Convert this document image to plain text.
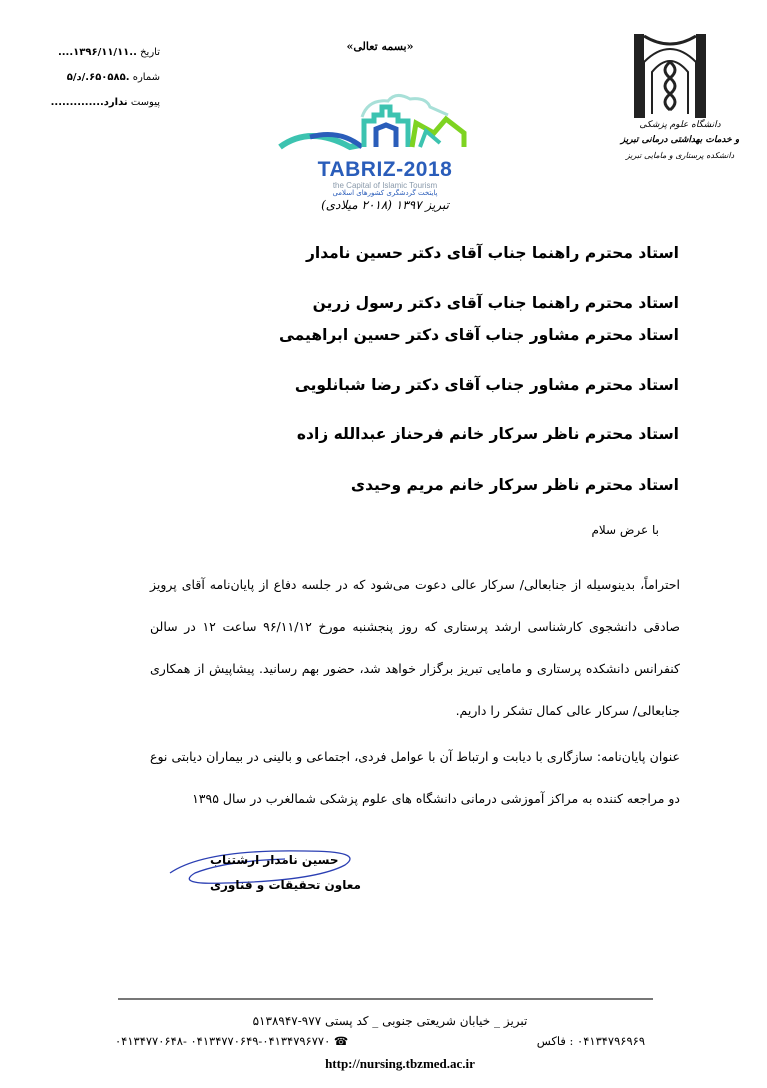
تاریخ ..۱۳۹۶/۱۱/۱۱....
شماره .۶۵۰۵۸۵./د/۵
پیوست ندارد..............
«بسمه تعالی»
TABRIZ-2018
the Capital of Islamic Tourism
پایتخت گردشگری کشورهای اسلامی
تبریز ۱۳۹۷ (۲۰۱۸ میلادی)
دانشگاه علوم پزشکی
و خدمات بهداشتی درمانی تبریز
دانشکده پرستاری و مامایی تبریز
استاد محترم راهنما جناب آقای دکتر حسین نامدار
استاد محترم راهنما جناب آقای دکتر رسول زرین
استاد محترم مشاور جناب آقای دکتر حسین ابراهیمی
استاد محترم مشاور جناب آقای دکتر رضا شبانلویی
استاد محترم ناظر سرکار خانم فرحناز عبدالله زاده
استاد محترم ناظر سرکار خانم مریم وحیدی
با عرض سلام
احتراماً، بدینوسیله از جنابعالی/ سرکار عالی دعوت می‌شود که در جلسه دفاع از پایان‌نامه آقای پرویز صادقی دانشجوی کارشناسی ارشد پرستاری که روز پنجشنبه مورخ ۹۶/۱۱/۱۲ ساعت ۱۲ در سالن کنفرانس دانشکده پرستاری و مامایی تبریز برگزار خواهد شد، حضور بهم رسانید. پیشاپیش از همکاری جنابعالی/ سرکار عالی کمال تشکر را داریم.
عنوان پایان‌نامه: سازگاری با دیابت و ارتباط آن با عوامل فردی، اجتماعی و بالینی در بیماران دیابتی نوع دو مراجعه کننده به مراکز آموزشی درمانی دانشگاه های علوم پزشکی شمالغرب در سال ۱۳۹۵
حسین نامدار ارشتناب
معاون تحقیقات و فناوری
تبریز _ خیابان شریعتی جنوبی _ کد پستی ۹۷۷-۵۱۳۸۹۴۷
۰۴۱۳۴۷۹۶۹۶۹ : فاکس
۰۴۱۳۴۷۷۰۶۴۸- ۰۴۱۳۴۷۷۰۶۴۹-۰۴۱۳۴۷۹۶۷۷۰ ☎
http://nursing.tbzmed.ac.ir
